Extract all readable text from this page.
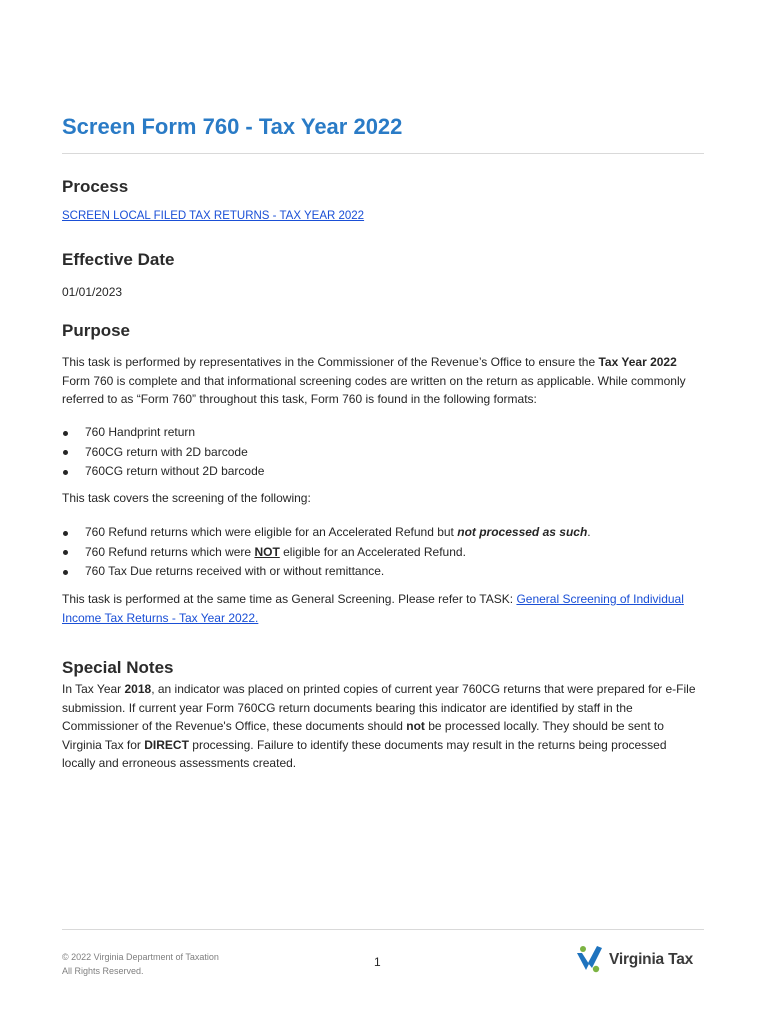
Screen Form 760 - Tax Year 2022
Process
SCREEN LOCAL FILED TAX RETURNS - TAX YEAR 2022
Effective Date

01/01/2023

Purpose

This task is performed by representatives in the Commissioner of the Revenue’s Office to ensure the Tax Year 2022 Form 760 is complete and that informational screening codes are written on the return as applicable. While commonly referred to as “Form 760” throughout this task, Form 760 is found in the following formats:

760 Handprint return
760CG return with 2D barcode
760CG return without 2D barcode

This task covers the screening of the following:

760 Refund returns which were eligible for an Accelerated Refund but not processed as such.
760 Refund returns which were NOT eligible for an Accelerated Refund.
760 Tax Due returns received with or without remittance.

This task is performed at the same time as General Screening. Please refer to TASK: General Screening of Individual Income Tax Returns - Tax Year 2022.

Special Notes

In Tax Year 2018, an indicator was placed on printed copies of current year 760CG returns that were prepared for e-File submission. If current year Form 760CG return documents bearing this indicator are identified by staff in the Commissioner of the Revenue's Office, these documents should not be processed locally. They should be sent to Virginia Tax for DIRECT processing. Failure to identify these documents may result in the returns being processed locally and erroneous assessments created.

© 2022 Virginia Department of Taxation
All Rights Reserved.
1	Virginia Tax
